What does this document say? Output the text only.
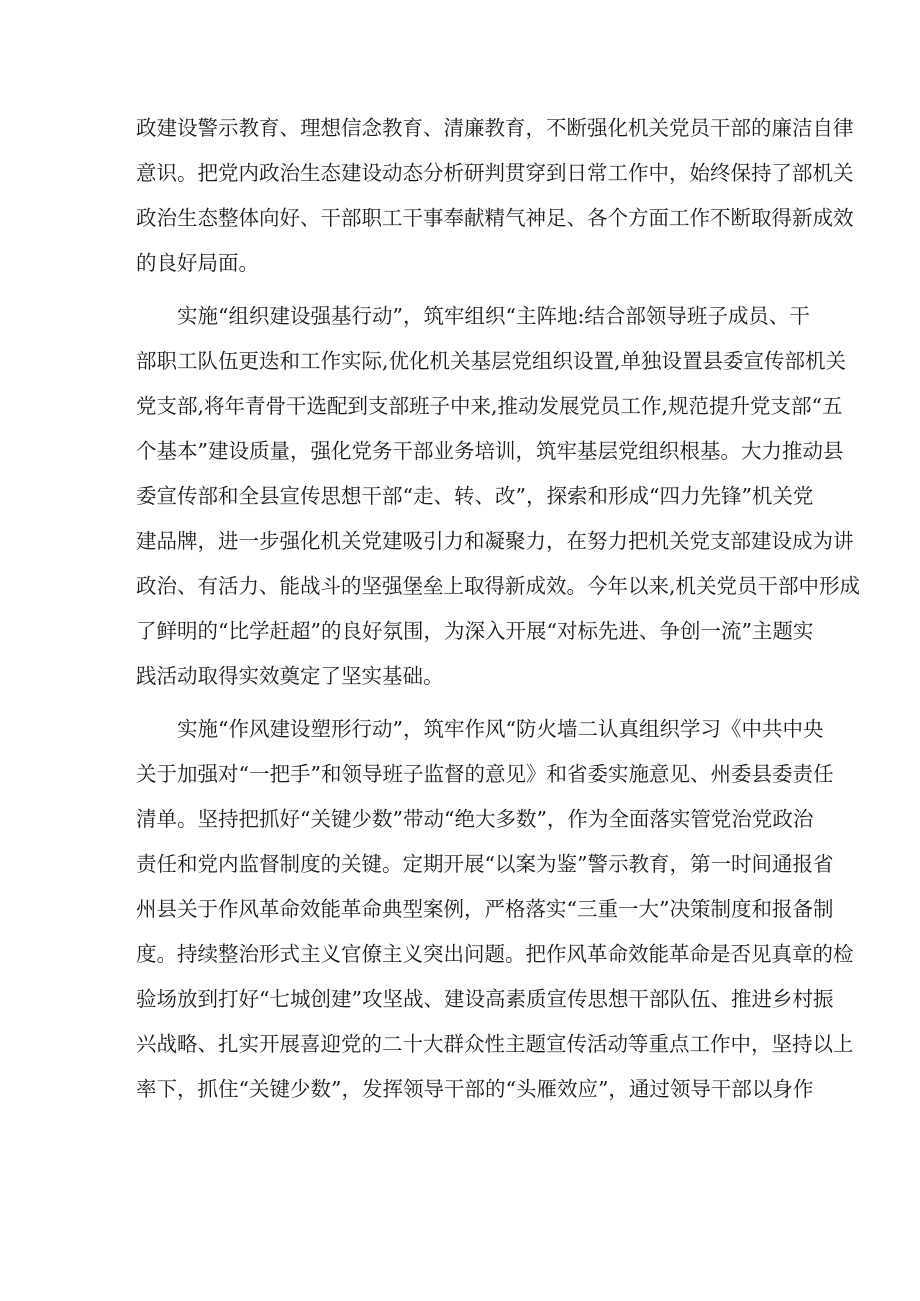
政建设警示教育、理想信念教育、清廉教育，不断强化机关党员干部的廉洁自律
意识。把党内政治生态建设动态分析研判贯穿到日常工作中，始终保持了部机关
政治生态整体向好、干部职工干事奉献精气神足、各个方面工作不断取得新成效
的良好局面。
实施“组织建设强基行动”，筑牢组织“主阵地:结合部领导班子成员、干
部职工队伍更迭和工作实际,优化机关基层党组织设置,单独设置县委宣传部机关
党支部,将年青骨干选配到支部班子中来,推动发展党员工作,规范提升党支部“五
个基本”建设质量，强化党务干部业务培训，筑牢基层党组织根基。大力推动县
委宣传部和全县宣传思想干部“走、转、改”，探索和形成“四力先锋”机关党
建品牌，进一步强化机关党建吸引力和凝聚力，在努力把机关党支部建设成为讲
政治、有活力、能战斗的坚强堡垒上取得新成效。今年以来,机关党员干部中形成
了鲜明的“比学赶超”的良好氛围，为深入开展“对标先进、争创一流”主题实
践活动取得实效奠定了坚实基础。
实施“作风建设塑形行动”，筑牢作风“防火墙二认真组织学习《中共中央
关于加强对“一把手”和领导班子监督的意见》和省委实施意见、州委县委责任
清单。坚持把抓好“关键少数”带动“绝大多数”，作为全面落实管党治党政治
责任和党内监督制度的关键。定期开展“以案为鉴”警示教育，第一时间通报省
州县关于作风革命效能革命典型案例，严格落实“三重一大”决策制度和报备制
度。持续整治形式主义官僚主义突出问题。把作风革命效能革命是否见真章的检
验场放到打好“七城创建”攻坚战、建设高素质宣传思想干部队伍、推进乡村振
兴战略、扎实开展喜迎党的二十大群众性主题宣传活动等重点工作中，坚持以上
率下，抓住“关键少数”，发挥领导干部的“头雁效应”，通过领导干部以身作
